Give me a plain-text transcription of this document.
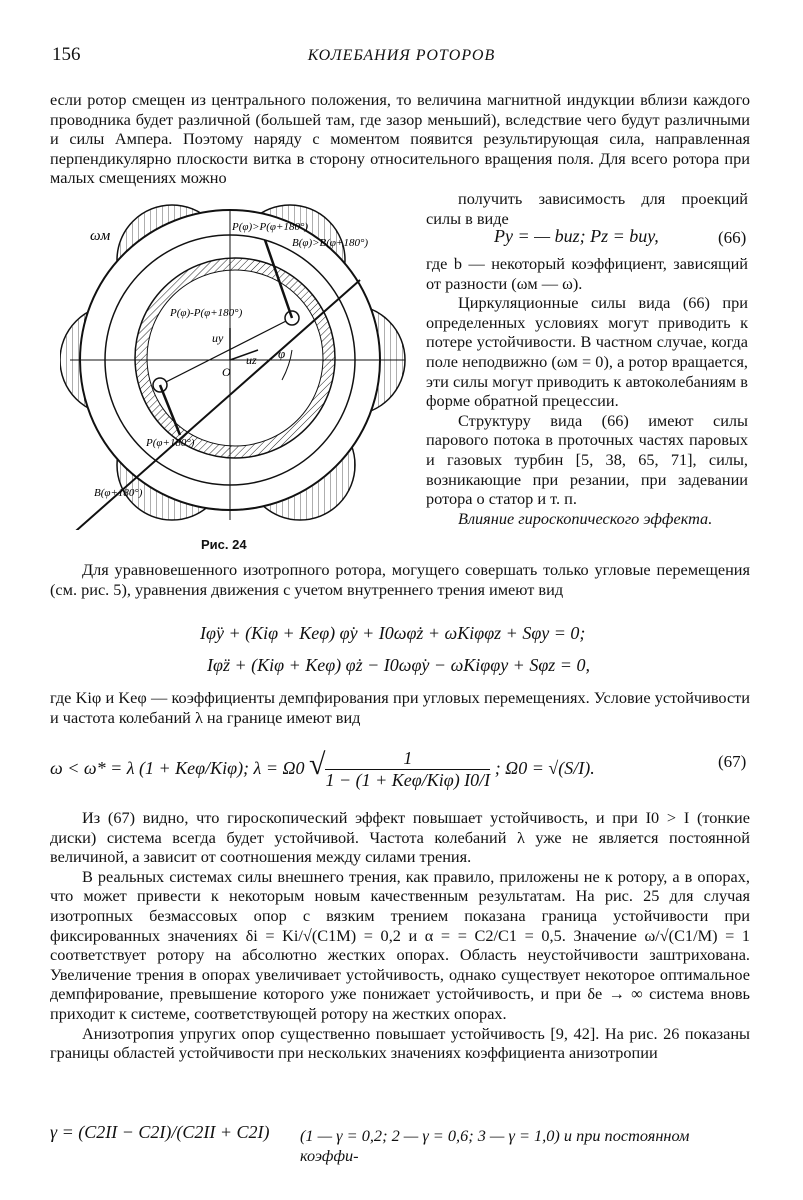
156	КОЛЕБАНИЯ РОТОРОВ

если ротор смещен из центрального положения, то величина магнитной индукции вблизи каждого проводника будет различной (большей там, где зазор меньший), вследствие чего будут различными и силы Ампера. Поэтому наряду с моментом появится результирующая сила, направленная перпендикулярно плоскости витка в сторону относительного вращения поля. Для всего ротора при малых смещениях можно

ωм
P(φ)>P(φ+180°)
B(φ)>B(φ+180°)
P(φ)-P(φ+180°)
uy
uz φ
O
P(φ+180°)
B(φ+180°)
Рис. 24

получить зависимость для проекций силы в виде

Py = — buz; Pz = buy,	(66)

где b — некоторый коэффициент, зависящий от разности (ωм — ω).

Циркуляционные силы вида (66) при определенных условиях могут приводить к потере устойчивости. В частном случае, когда поле неподвижно (ωм = 0), а ротор вращается, эти силы могут приводить к автоколебаниям в форме обратной прецессии.

Структуру вида (66) имеют силы парового потока в проточных частях паровых и газовых турбин [5, 38, 65, 71], силы, возникающие при резании, при задевании ротора о статор и т. п.

Влияние гироскопического эффекта.

Для уравновешенного изотропного ротора, могущего совершать только угловые перемещения (см. рис. 5), уравнения движения с учетом внутреннего трения имеют вид

Iφ̈y + (Kiφ + Keφ) φ̇y + I0ωφ̇z + ωKiφφz + Sφy = 0;
Iφ̈z + (Kiφ + Keφ) φ̇z − I0ωφ̇y − ωKiφφy + Sφz = 0,

где Kiφ и Keφ — коэффициенты демпфирования при угловых перемещениях. Условие устойчивости и частота колебаний λ на границе имеют вид

ω < ω* = λ (1 + Keφ/Kiφ); λ = Ω0 √ $\frac{1}{\text{1 − (1 + Keφ/Kiφ) I0/I}}$ ; Ω0 = √(S/I).	(67)

Из (67) видно, что гироскопический эффект повышает устойчивость, и при I0 > I (тонкие диски) система всегда будет устойчивой. Частота колебаний λ уже не является постоянной величиной, а зависит от соотношения между силами трения.

В реальных системах силы внешнего трения, как правило, приложены не к ротору, а в опорах, что может привести к некоторым новым качественным результатам. На рис. 25 для случая изотропных безмассовых опор с вязким трением показана граница устойчивости при фиксированных значениях δi = Ki/√(C1M) = 0,2 и α = = C2/C1 = 0,5. Значение ω/√(C1/M) = 1 соответствует ротору на абсолютно жестких опорах. Область неустойчивости заштрихована. Увеличение трения в опорах увеличивает устойчивость, однако существует некоторое оптимальное демпфирование, превышение которого уже понижает устойчивость, и при δe → ∞ система вновь приходит к системе, соответствующей ротору на жестких опорах.

Анизотропия упругих опор существенно повышает устойчивость [9, 42]. На рис. 26 показаны границы областей устойчивости при нескольких значениях коэффициента анизотропии

γ = (C2II − C2I)/(C2II + C2I) (1 — γ = 0,2; 2 — γ = 0,6; 3 — γ = 1,0) и при постоянном коэффи-
